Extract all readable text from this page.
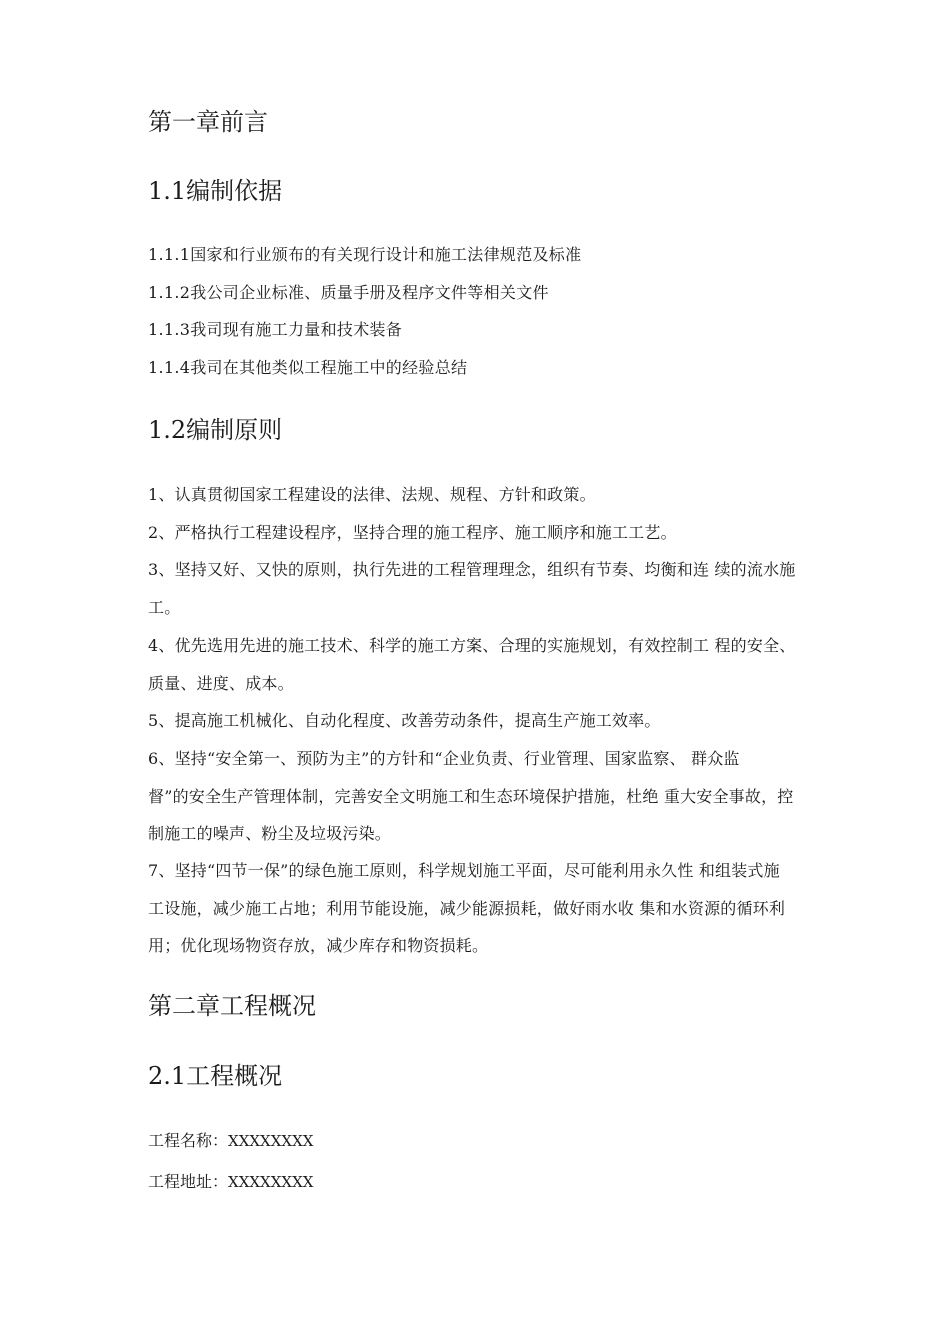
第一章前言
1.1编制依据
1.1.1国家和行业颁布的有关现行设计和施工法律规范及标准
1.1.2我公司企业标准、质量手册及程序文件等相关文件
1.1.3我司现有施工力量和技术装备
1.1.4我司在其他类似工程施工中的经验总结
1.2编制原则
1、认真贯彻国家工程建设的法律、法规、规程、方针和政策。
2、严格执行工程建设程序，坚持合理的施工程序、施工顺序和施工工艺。
3、坚持又好、又快的原则，执行先进的工程管理理念，组织有节奏、均衡和连 续的流水施
工。
4、优先选用先进的施工技术、科学的施工方案、合理的实施规划，有效控制工 程的安全、
质量、进度、成本。
5、提高施工机械化、自动化程度、改善劳动条件，提高生产施工效率。
6、坚持“安全第一、预防为主”的方针和“企业负责、行业管理、国家监察、 群众监
督”的安全生产管理体制，完善安全文明施工和生态环境保护措施，杜绝 重大安全事故，控
制施工的噪声、粉尘及垃圾污染。
7、坚持“四节一保”的绿色施工原则，科学规划施工平面，尽可能利用永久性 和组装式施
工设施，减少施工占地；利用节能设施，减少能源损耗，做好雨水收 集和水资源的循环利
用；优化现场物资存放，减少库存和物资损耗。
第二章工程概况
2.1工程概况
工程名称：XXXXXXXX
工程地址：XXXXXXXX
